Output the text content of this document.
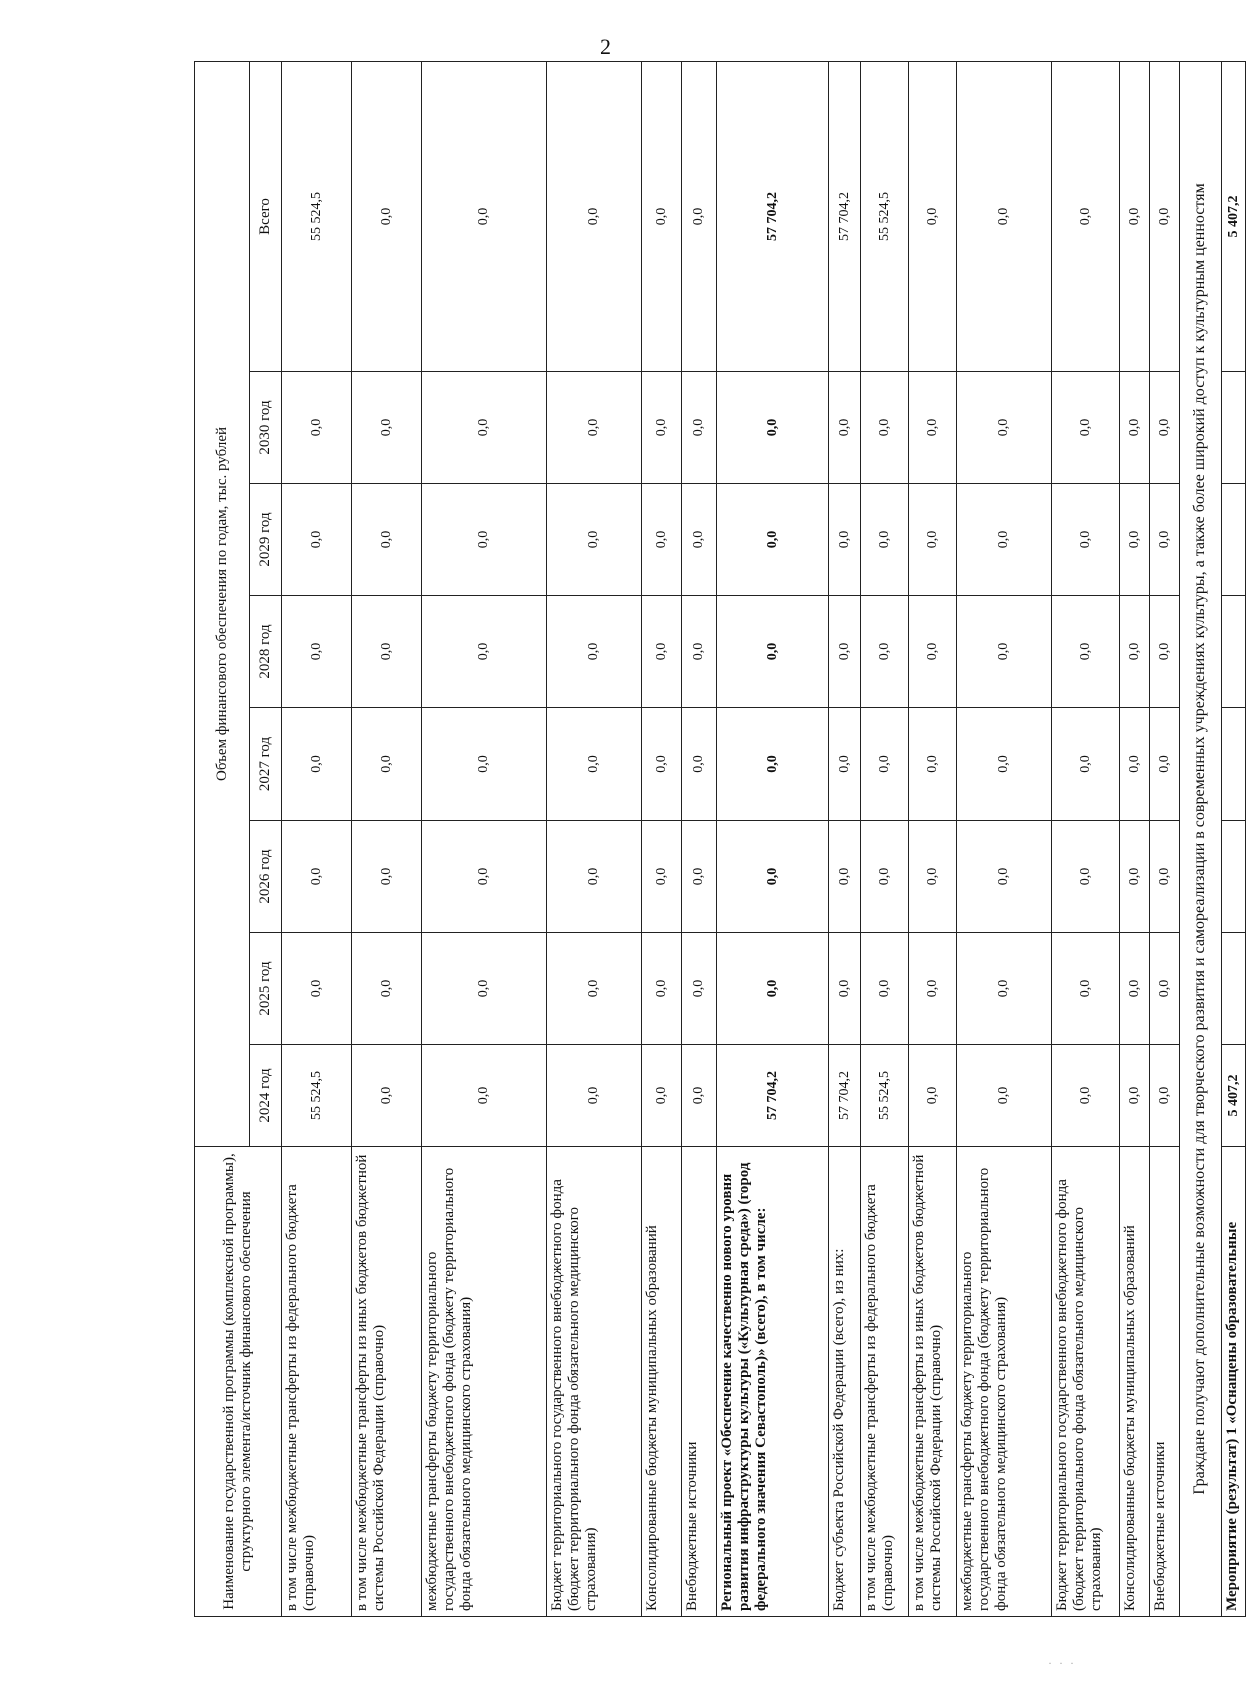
2
Наименование государственной программы (комплексной программы), структурного элемента/источник финансового обеспечения	Объем финансового обеспечения по годам, тыс. рублей							
	2024 год	2025 год	2026 год	2027 год	2028 год	2029 год	2030 год	Всего
в том числе межбюджетные трансферты из федерального бюджета (справочно)	55 524,5	0,0	0,0	0,0	0,0	0,0	0,0	55 524,5
в том числе межбюджетные трансферты из иных бюджетов бюджетной системы Российской Федерации (справочно)	0,0	0,0	0,0	0,0	0,0	0,0	0,0	0,0
межбюджетные трансферты бюджету территориального государственного внебюджетного фонда (бюджету территориального фонда обязательного медицинского страхования)	0,0	0,0	0,0	0,0	0,0	0,0	0,0	0,0
Бюджет территориального государственного внебюджетного фонда (бюджет территориального фонда обязательного медицинского страхования)	0,0	0,0	0,0	0,0	0,0	0,0	0,0	0,0
Консолидированные бюджеты муниципальных образований	0,0	0,0	0,0	0,0	0,0	0,0	0,0	0,0
Внебюджетные источники	0,0	0,0	0,0	0,0	0,0	0,0	0,0	0,0
Региональный проект «Обеспечение качественно нового уровня развития инфраструктуры культуры («Культурная среда») (город федерального значения Севастополь)» (всего), в том числе:	57 704,2	0,0	0,0	0,0	0,0	0,0	0,0	57 704,2
Бюджет субъекта Российской Федерации (всего), из них:	57 704,2	0,0	0,0	0,0	0,0	0,0	0,0	57 704,2
в том числе межбюджетные трансферты из федерального бюджета (справочно)	55 524,5	0,0	0,0	0,0	0,0	0,0	0,0	55 524,5
в том числе межбюджетные трансферты из иных бюджетов бюджетной системы Российской Федерации (справочно)	0,0	0,0	0,0	0,0	0,0	0,0	0,0	0,0
межбюджетные трансферты бюджету территориального государственного внебюджетного фонда (бюджету территориального фонда обязательного медицинского страхования)	0,0	0,0	0,0	0,0	0,0	0,0	0,0	0,0
Бюджет территориального государственного внебюджетного фонда (бюджет территориального фонда обязательного медицинского страхования)	0,0	0,0	0,0	0,0	0,0	0,0	0,0	0,0
Консолидированные бюджеты муниципальных образований	0,0	0,0	0,0	0,0	0,0	0,0	0,0	0,0
Внебюджетные источники	0,0	0,0	0,0	0,0	0,0	0,0	0,0	0,0
Граждане получают дополнительные возможности для творческого развития и самореализации в современных учреждениях культуры, а также более широкий доступ к культурным ценностям								
Мероприятие (результат) 1 «Оснащены образовательные	5 407,2							5 407,2
· · ·
